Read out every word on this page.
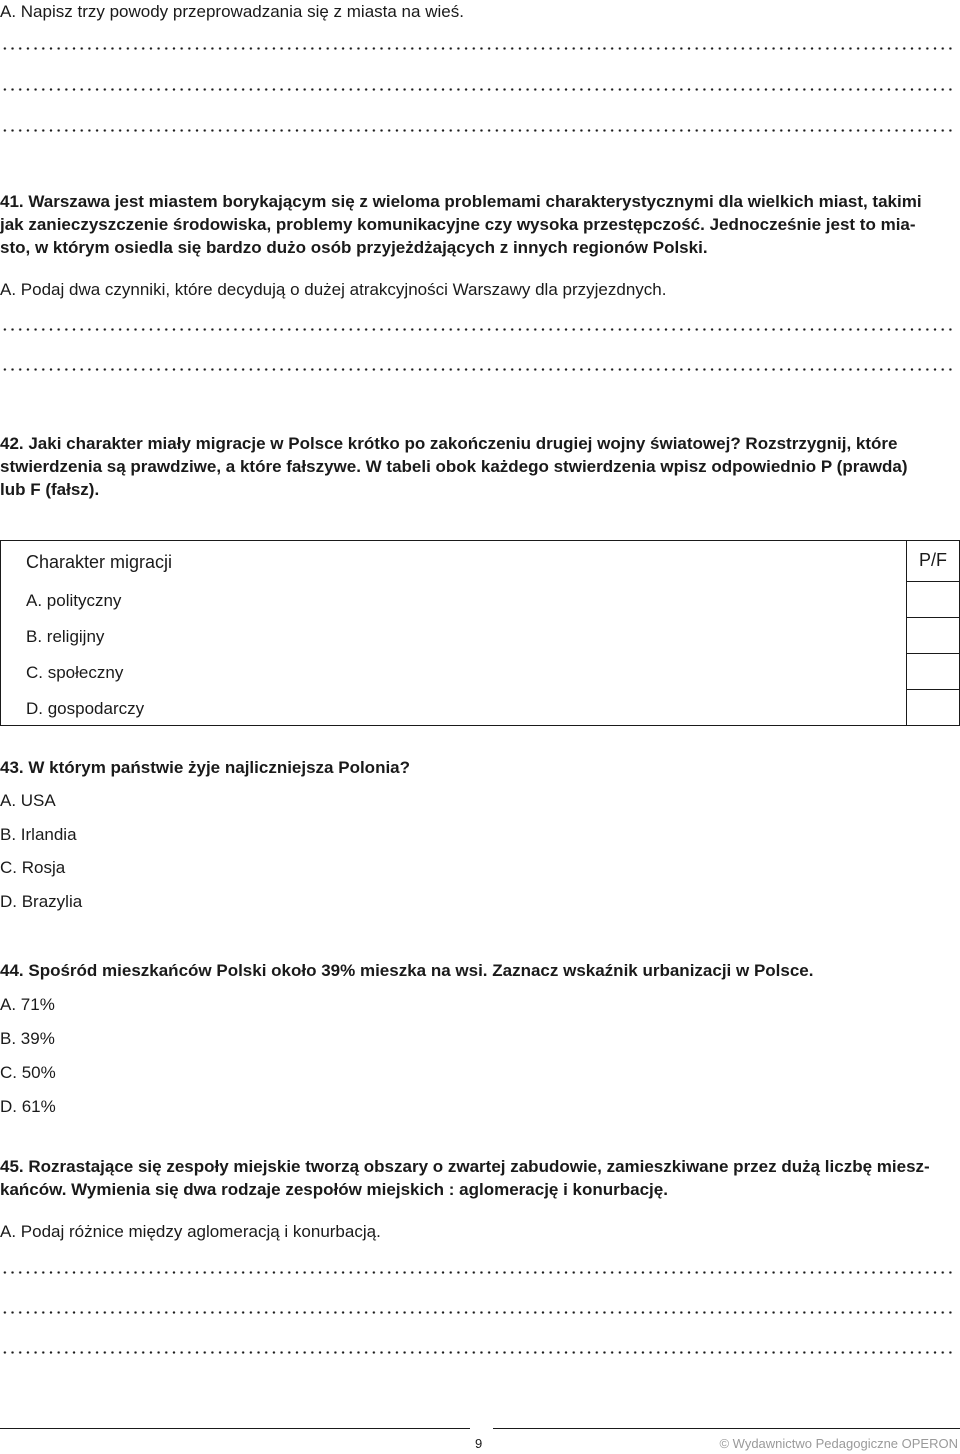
A. Napisz trzy powody przeprowadzania się z miasta na wieś.
41. Warszawa jest miastem borykającym się z wieloma problemami charakterystycznymi dla wielkich miast, takimi
jak zanieczyszczenie środowiska, problemy komunikacyjne czy wysoka przestępczość. Jednocześnie jest to mia-
sto, w którym osiedla się bardzo dużo osób przyjeżdżających z innych regionów Polski.
A. Podaj dwa czynniki, które decydują o dużej atrakcyjności Warszawy dla przyjezdnych.
42. Jaki charakter miały migracje w Polsce krótko po zakończeniu drugiej wojny światowej? Rozstrzygnij, które
stwierdzenia są prawdziwe, a które fałszywe. W tabeli obok każdego stwierdzenia wpisz odpowiednio P (prawda)
lub F (fałsz).
Charakter migracji	P/F
A. polityczny	
B. religijny	
C. społeczny	
D. gospodarczy	
43. W którym państwie żyje najliczniejsza Polonia?
A. USA
B. Irlandia
C. Rosja
D. Brazylia
44. Spośród mieszkańców Polski około 39% mieszka na wsi. Zaznacz wskaźnik urbanizacji w Polsce.
A. 71%
B. 39%
C. 50%
D. 61%
45. Rozrastające się zespoły miejskie tworzą obszary o zwartej zabudowie, zamieszkiwane przez dużą liczbę miesz-
kańców. Wymienia się dwa rodzaje zespołów miejskich : aglomerację i konurbację.
A. Podaj różnice między aglomeracją i konurbacją.
9	© Wydawnictwo Pedagogiczne OPERON
